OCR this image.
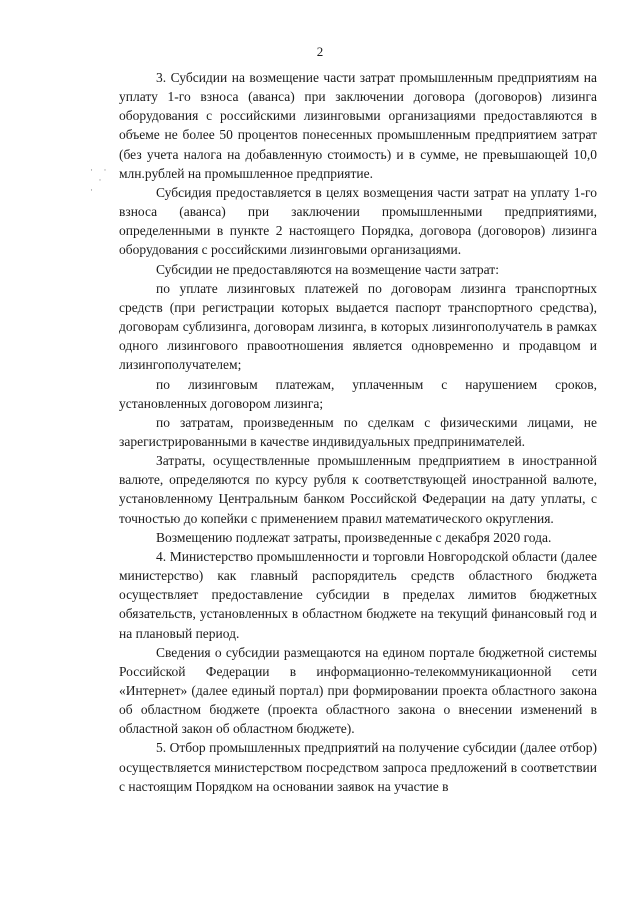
2
·  ·
·
·

3. Субсидии на возмещение части затрат промышленным предприятиям на уплату 1-го взноса (аванса) при заключении договора (договоров) лизинга оборудования с российскими лизинговыми организациями предоставляются в объеме не более 50 процентов понесенных промышленным предприятием затрат (без учета налога на добавленную стоимость) и в сумме, не превышающей 10,0 млн.рублей на промышленное предприятие.

Субсидия предоставляется в целях возмещения части затрат на уплату 1-го взноса (аванса) при заключении промышленными предприятиями, определенными в пункте 2 настоящего Порядка, договора (договоров) лизинга оборудования с российскими лизинговыми организациями.

Субсидии не предоставляются на возмещение части затрат:

по уплате лизинговых платежей по договорам лизинга транспортных средств (при регистрации которых выдается паспорт транспортного средства), договорам сублизинга, договорам лизинга, в которых лизингополучатель в рамках одного лизингового правоотношения является одновременно и продавцом и лизингополучателем;

по лизинговым платежам, уплаченным с нарушением сроков, установленных договором лизинга;

по затратам, произведенным по сделкам с физическими лицами, не зарегистрированными в качестве индивидуальных предпринимателей.

Затраты, осуществленные промышленным предприятием в иностранной валюте, определяются по курсу рубля к соответствующей иностранной валюте, установленному Центральным банком Российской Федерации на дату уплаты, с точностью до копейки с применением правил математического округления.

Возмещению подлежат затраты, произведенные с декабря 2020 года.

4. Министерство промышленности и торговли Новгородской области (далее министерство) как главный распорядитель средств областного бюджета осуществляет предоставление субсидии в пределах лимитов бюджетных обязательств, установленных в областном бюджете на текущий финансовый год и на плановый период.

Сведения о субсидии размещаются на едином портале бюджетной системы Российской Федерации в информационно-телекоммуникационной сети «Интернет» (далее единый портал) при формировании проекта областного закона об областном бюджете (проекта областного закона о внесении изменений в областной закон об областном бюджете).

5. Отбор промышленных предприятий на получение субсидии (далее отбор) осуществляется министерством посредством запроса предложений в соответствии с настоящим Порядком на основании заявок на участие в
